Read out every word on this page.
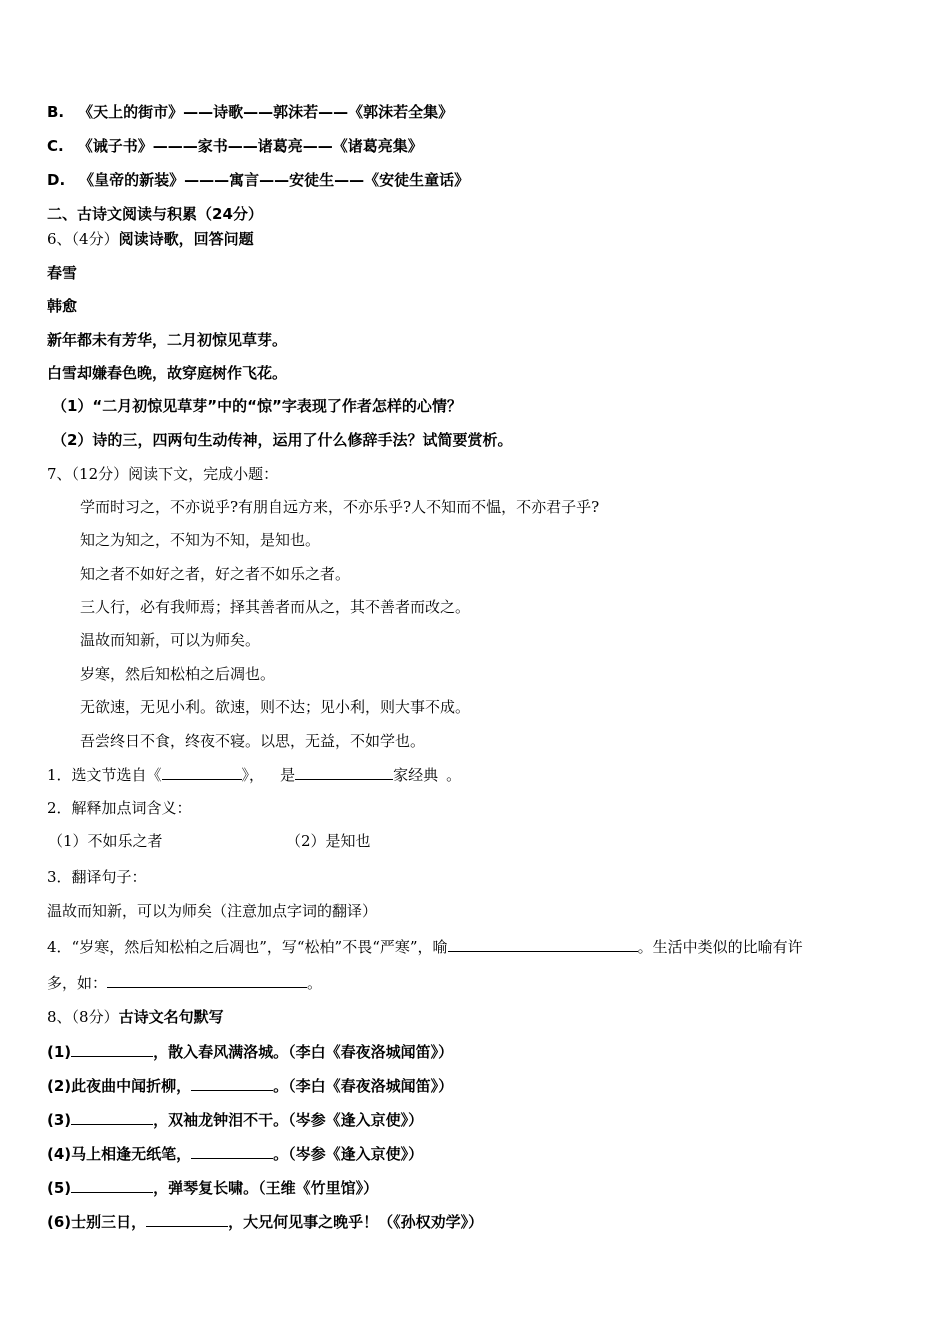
B. 《天上的街市》——诗歌——郭沫若——《郭沫若全集》
C. 《诫子书》———家书——诸葛亮——《诸葛亮集》
D. 《皇帝的新装》———寓言——安徒生——《安徒生童话》
二、古诗文阅读与积累（24分）
6、（4分）阅读诗歌，回答问题
春雪
韩愈
新年都未有芳华，二月初惊见草芽。
白雪却嫌春色晚，故穿庭树作飞花。
（1）“二月初惊见草芽”中的“惊”字表现了作者怎样的心情？
（2）诗的三，四两句生动传神，运用了什么修辞手法？试简要赏析。
7、（12分）阅读下文，完成小题：
学而时习之，不亦说乎?有朋自远方来，不亦乐乎?人不知而不愠，不亦君子乎?
知之为知之，不知为不知，是知也。
知之者不如好之者，好之者不如乐之者。
三人行，必有我师焉；择其善者而从之，其不善者而改之。
温故而知新，可以为师矣。
岁寒，然后知松柏之后凋也。
无欲速，无见小利。欲速，则不达；见小利，则大事不成。
吾尝终日不食，终夜不寝。以思，无益，不如学也。
1．选文节选自《	》， 是	家经典 。
2．解释加点词含义：
（1）不如乐之者	（2）是知也
3．翻译句子：
温故而知新，可以为师矣（注意加点字词的翻译）
4．“岁寒，然后知松柏之后凋也”，写“松柏”不畏“严寒”，喻	。生活中类似的比喻有许
多，如：	。
8、（8分）古诗文名句默写
(1)	，散入春风满洛城。（李白《春夜洛城闻笛》）
(2)此夜曲中闻折柳，	。（李白《春夜洛城闻笛》）
(3)	，双袖龙钟泪不干。（岑参《逢入京使》）
(4)马上相逢无纸笔，	。（岑参《逢入京使》）
(5)	，弹琴复长啸。（王维《竹里馆》）
(6)士别三日，	，大兄何见事之晚乎！（《孙权劝学》）
